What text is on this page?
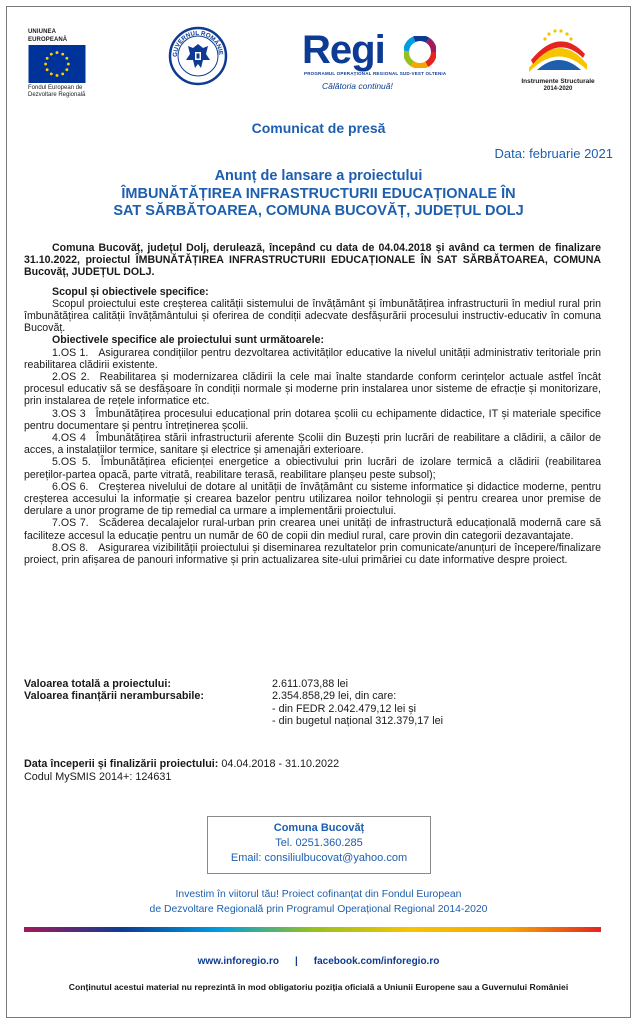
UNIUNEA EUROPEANĂ
Fondul European de Dezvoltare Regională
GUVERNUL ROMÂNIE Regi
PROGRAMUL OPERAȚIONAL REGIONAL SUD-VEST OLTENIA
Călătoria continuă!	Instrumente Structurale
2014-2020
Comunicat de presă
Data: februarie 2021
Anunț de lansare a proiectului
ÎMBUNĂTĂȚIREA INFRASTRUCTURII EDUCAȚIONALE ÎN
SAT SĂRBĂTOAREA, COMUNA BUCOVĂȚ, JUDEȚUL DOLJ

Comuna Bucovăț, județul Dolj, derulează, începând cu data de 04.04.2018 și având ca termen de finalizare 31.10.2022, proiectul ÎMBUNĂTĂȚIREA INFRASTRUCTURII EDUCAȚIONALE ÎN SAT SĂRBĂTOAREA, COMUNA Bucovăț, JUDEȚUL DOLJ.

Scopul și obiectivele specifice:

Scopul proiectului este creșterea calității sistemului de învățământ și îmbunătățirea infrastructurii în mediul rural prin îmbunătățirea calității învățământului și oferirea de condiții adecvate desfășurării procesului instructiv-educativ în comuna Bucovăț.

Obiectivele specifice ale proiectului sunt următoarele:

1.OS 1. Asigurarea condițiilor pentru dezvoltarea activităților educative la nivelul unității administrativ teritoriale prin reabilitarea clădirii existente.

2.OS 2. Reabilitarea și modernizarea clădirii la cele mai înalte standarde conform cerințelor actuale astfel încât procesul educativ să se desfășoare în condiții normale și moderne prin instalarea unor sisteme de efracție și monitorizare, prin instalarea de rețele informatice etc.

3.OS 3 Îmbunătățirea procesului educațional prin dotarea școlii cu echipamente didactice, IT și materiale specifice pentru documentare și pentru întreținerea școlii.

4.OS 4 Îmbunătățirea stării infrastructurii aferente Școlii din Buzești prin lucrări de reabilitare a clădirii, a căilor de acces, a instalațiilor termice, sanitare și electrice și amenajări exterioare.

5.OS 5. Îmbunătățirea eficienței energetice a obiectivului prin lucrări de izolare termică a clădirii (reabilitarea pereților-partea opacă, parte vitrată, reabilitare terasă, reabilitare planșeu peste subsol);

6.OS 6. Creșterea nivelului de dotare al unității de învățământ cu sisteme informatice și didactice moderne, pentru creșterea accesului la informație și crearea bazelor pentru utilizarea noilor tehnologii și pentru crearea unor premise de derulare a unor programe de tip remedial ca urmare a implementării proiectului.

7.OS 7. Scăderea decalajelor rural-urban prin crearea unei unități de infrastructură educațională modernă care să faciliteze accesul la educație pentru un număr de 60 de copii din mediul rural, care provin din categorii dezavantajate.

8.OS 8. Asigurarea vizibilității proiectului și diseminarea rezultatelor prin comunicate/anunțuri de începere/finalizare proiect, prin afișarea de panouri informative și prin actualizarea site-ului primăriei cu date informative despre proiect.

Valoarea totală a proiectului:	2.611.073,88 lei
Valoarea finanțării nerambursabile:	2.354.858,29 lei, din care:
- din FEDR 2.042.479,12 lei și
- din bugetul național 312.379,17 lei
Data începerii și finalizării proiectului: 04.04.2018 - 31.10.2022
Codul MySMIS 2014+: 124631
Comuna Bucovăț
Tel. 0251.360.285
Email: consiliulbucovat@yahoo.com
Investim în viitorul tău! Proiect cofinanțat din Fondul European
de Dezvoltare Regională prin Programul Operațional Regional 2014-2020
www.inforegio.ro | facebook.com/inforegio.ro
Conținutul acestui material nu reprezintă în mod obligatoriu poziția oficială a Uniunii Europene sau a Guvernului României
